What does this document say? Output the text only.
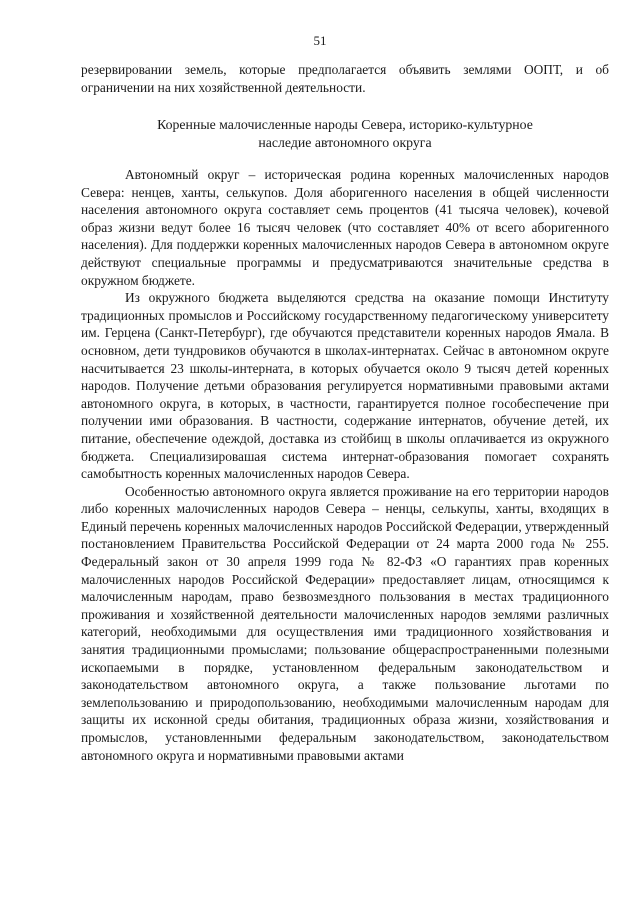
51
резервировании земель, которые предполагается объявить землями ООПТ, и об ограничении на них хозяйственной деятельности.
Коренные малочисленные народы Севера, историко-культурное
наследие автономного округа

Автономный округ – историческая родина коренных малочисленных народов Севера: ненцев, ханты, селькупов. Доля аборигенного населения в общей численности населения автономного округа составляет семь процентов (41 тысяча человек), кочевой образ жизни ведут более 16 тысяч человек (что составляет 40% от всего аборигенного населения). Для поддержки коренных малочисленных народов Севера в автономном округе действуют специальные программы и предусматриваются значительные средства в окружном бюджете.

Из окружного бюджета выделяются средства на оказание помощи Институту традиционных промыслов и Российскому государственному педагогическому университету им. Герцена (Санкт-Петербург), где обучаются представители коренных народов Ямала. В основном, дети тундровиков обучаются в школах-интернатах. Сейчас в автономном округе насчитывается 23 школы-интерната, в которых обучается около 9 тысяч детей коренных народов. Получение детьми образования регулируется нормативными правовыми актами автономного округа, в которых, в частности, гарантируется полное гособеспечение при получении ими образования. В частности, содержание интернатов, обучение детей, их питание, обеспечение одеждой, доставка из стойбищ в школы оплачивается из окружного бюджета. Специализировашая система интернат-образования помогает сохранять самобытность коренных малочисленных народов Севера.

Особенностью автономного округа является проживание на его территории народов либо коренных малочисленных народов Севера – ненцы, селькупы, ханты, входящих в Единый перечень коренных малочисленных народов Российской Федерации, утвержденный постановлением Правительства Российской Федерации от 24 марта 2000 года № 255. Федеральный закон от 30 апреля 1999 года № 82-ФЗ «О гарантиях прав коренных малочисленных народов Российской Федерации» предоставляет лицам, относящимся к малочисленным народам, право безвозмездного пользования в местах традиционного проживания и хозяйственной деятельности малочисленных народов землями различных категорий, необходимыми для осуществления ими традиционного хозяйствования и занятия традиционными промыслами; пользование общераспространенными полезными ископаемыми в порядке, установленном федеральным законодательством и законодательством автономного округа, а также пользование льготами по землепользованию и природопользованию, необходимыми малочисленным народам для защиты их исконной среды обитания, традиционных образа жизни, хозяйствования и промыслов, установленными федеральным законодательством, законодательством автономного округа и нормативными правовыми актами
